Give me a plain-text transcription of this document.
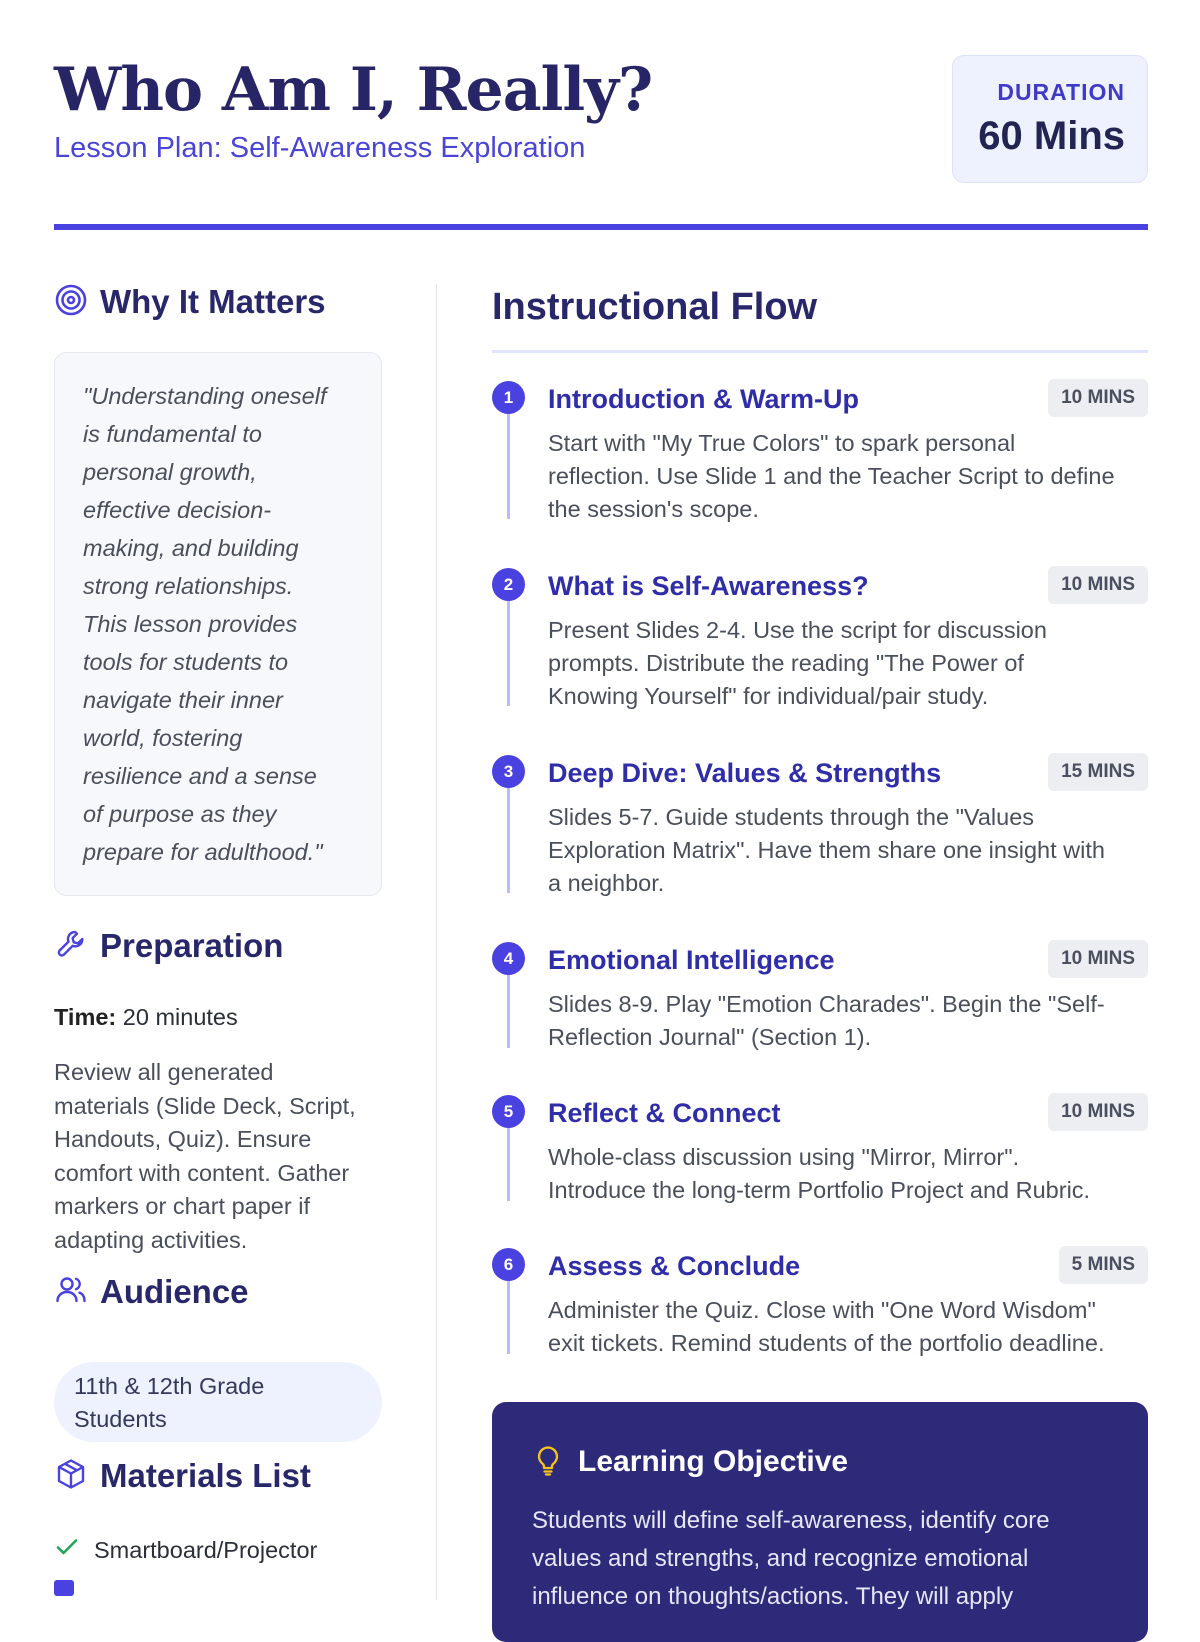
Who Am I, Really?

Lesson Plan: Self-Awareness Exploration

DURATION
60 Mins
Why It Matters
"Understanding oneself
is fundamental to
personal growth,
effective decision-
making, and building
strong relationships.
This lesson provides
tools for students to
navigate their inner
world, fostering
resilience and a sense
of purpose as they
prepare for adulthood."
Preparation
Time: 20 minutes
Review all generated
materials (Slide Deck, Script,
Handouts, Quiz). Ensure
comfort with content. Gather
markers or chart paper if
adapting activities.
Audience
11th & 12th Grade
Students
Materials List
Smartboard/Projector
Instructional Flow
1	Introduction & Warm-Up	10 MINS
Start with "My True Colors" to spark personal
reflection. Use Slide 1 and the Teacher Script to define
the session's scope.
2	What is Self-Awareness?	10 MINS
Present Slides 2-4. Use the script for discussion
prompts. Distribute the reading "The Power of
Knowing Yourself" for individual/pair study.
3	Deep Dive: Values & Strengths	15 MINS
Slides 5-7. Guide students through the "Values
Exploration Matrix". Have them share one insight with
a neighbor.
4	Emotional Intelligence	10 MINS
Slides 8-9. Play "Emotion Charades". Begin the "Self-
Reflection Journal" (Section 1).
5	Reflect & Connect	10 MINS
Whole-class discussion using "Mirror, Mirror".
Introduce the long-term Portfolio Project and Rubric.
6	Assess & Conclude	5 MINS
Administer the Quiz. Close with "One Word Wisdom"
exit tickets. Remind students of the portfolio deadline.
Learning Objective
Students will define self-awareness, identify core
values and strengths, and recognize emotional
influence on thoughts/actions. They will apply
